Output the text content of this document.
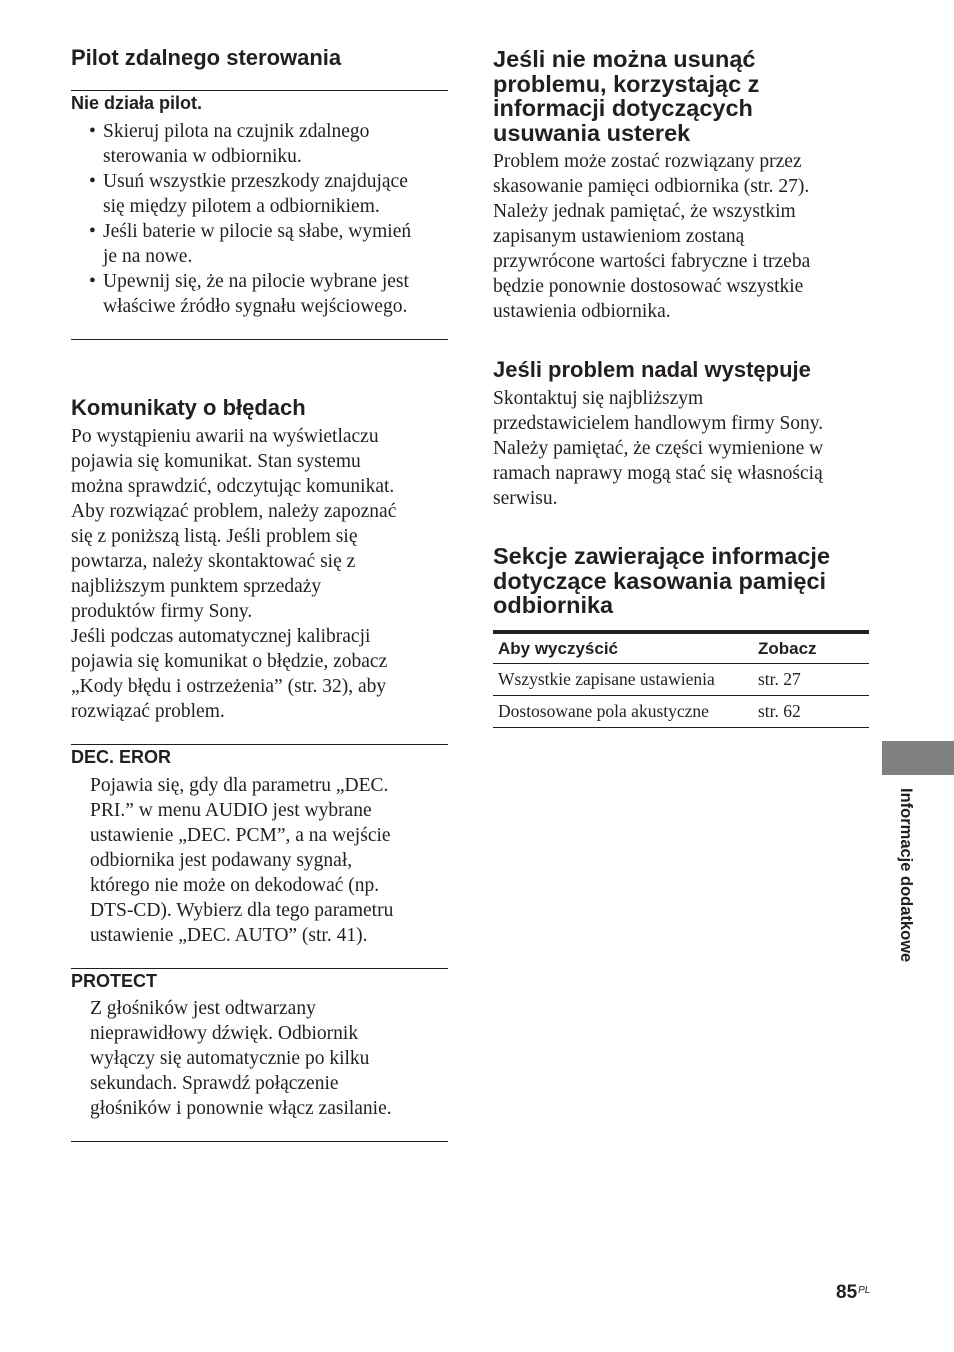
Pilot zdalnego sterowania
Nie działa pilot.
• Skieruj pilota na czujnik zdalnego
sterowania w odbiorniku.
• Usuń wszystkie przeszkody znajdujące
się między pilotem a odbiornikiem.
• Jeśli baterie w pilocie są słabe, wymień
je na nowe.
• Upewnij się, że na pilocie wybrane jest
właściwe źródło sygnału wejściowego.
Komunikaty o błędach
Po wystąpieniu awarii na wyświetlaczu
pojawia się komunikat. Stan systemu
można sprawdzić, odczytując komunikat.
Aby rozwiązać problem, należy zapoznać
się z poniższą listą. Jeśli problem się
powtarza, należy skontaktować się z
najbliższym punktem sprzedaży
produktów firmy Sony.
Jeśli podczas automatycznej kalibracji
pojawia się komunikat o błędzie, zobacz
„Kody błędu i ostrzeżenia” (str. 32), aby
rozwiązać problem.
DEC. EROR
Pojawia się, gdy dla parametru „DEC.
PRI.” w menu AUDIO jest wybrane
ustawienie „DEC. PCM”, a na wejście
odbiornika jest podawany sygnał,
którego nie może on dekodować (np.
DTS-CD). Wybierz dla tego parametru
ustawienie „DEC. AUTO” (str. 41).
PROTECT
Z głośników jest odtwarzany
nieprawidłowy dźwięk. Odbiornik
wyłączy się automatycznie po kilku
sekundach. Sprawdź połączenie
głośników i ponownie włącz zasilanie.
Jeśli nie można usunąć
problemu, korzystając z
informacji dotyczących
usuwania usterek
Problem może zostać rozwiązany przez
skasowanie pamięci odbiornika (str. 27).
Należy jednak pamiętać, że wszystkim
zapisanym ustawieniom zostaną
przywrócone wartości fabryczne i trzeba
będzie ponownie dostosować wszystkie
ustawienia odbiornika.
Jeśli problem nadal występuje
Skontaktuj się najbliższym
przedstawicielem handlowym firmy Sony.
Należy pamiętać, że części wymienione w
ramach naprawy mogą stać się własnością
serwisu.
Sekcje zawierające informacje
dotyczące kasowania pamięci
odbiornika
Aby wyczyścić	Zobacz
Wszystkie zapisane ustawienia	str. 27
Dostosowane pola akustyczne	str. 62
Informacje dodatkowe
$85^{PL}$
